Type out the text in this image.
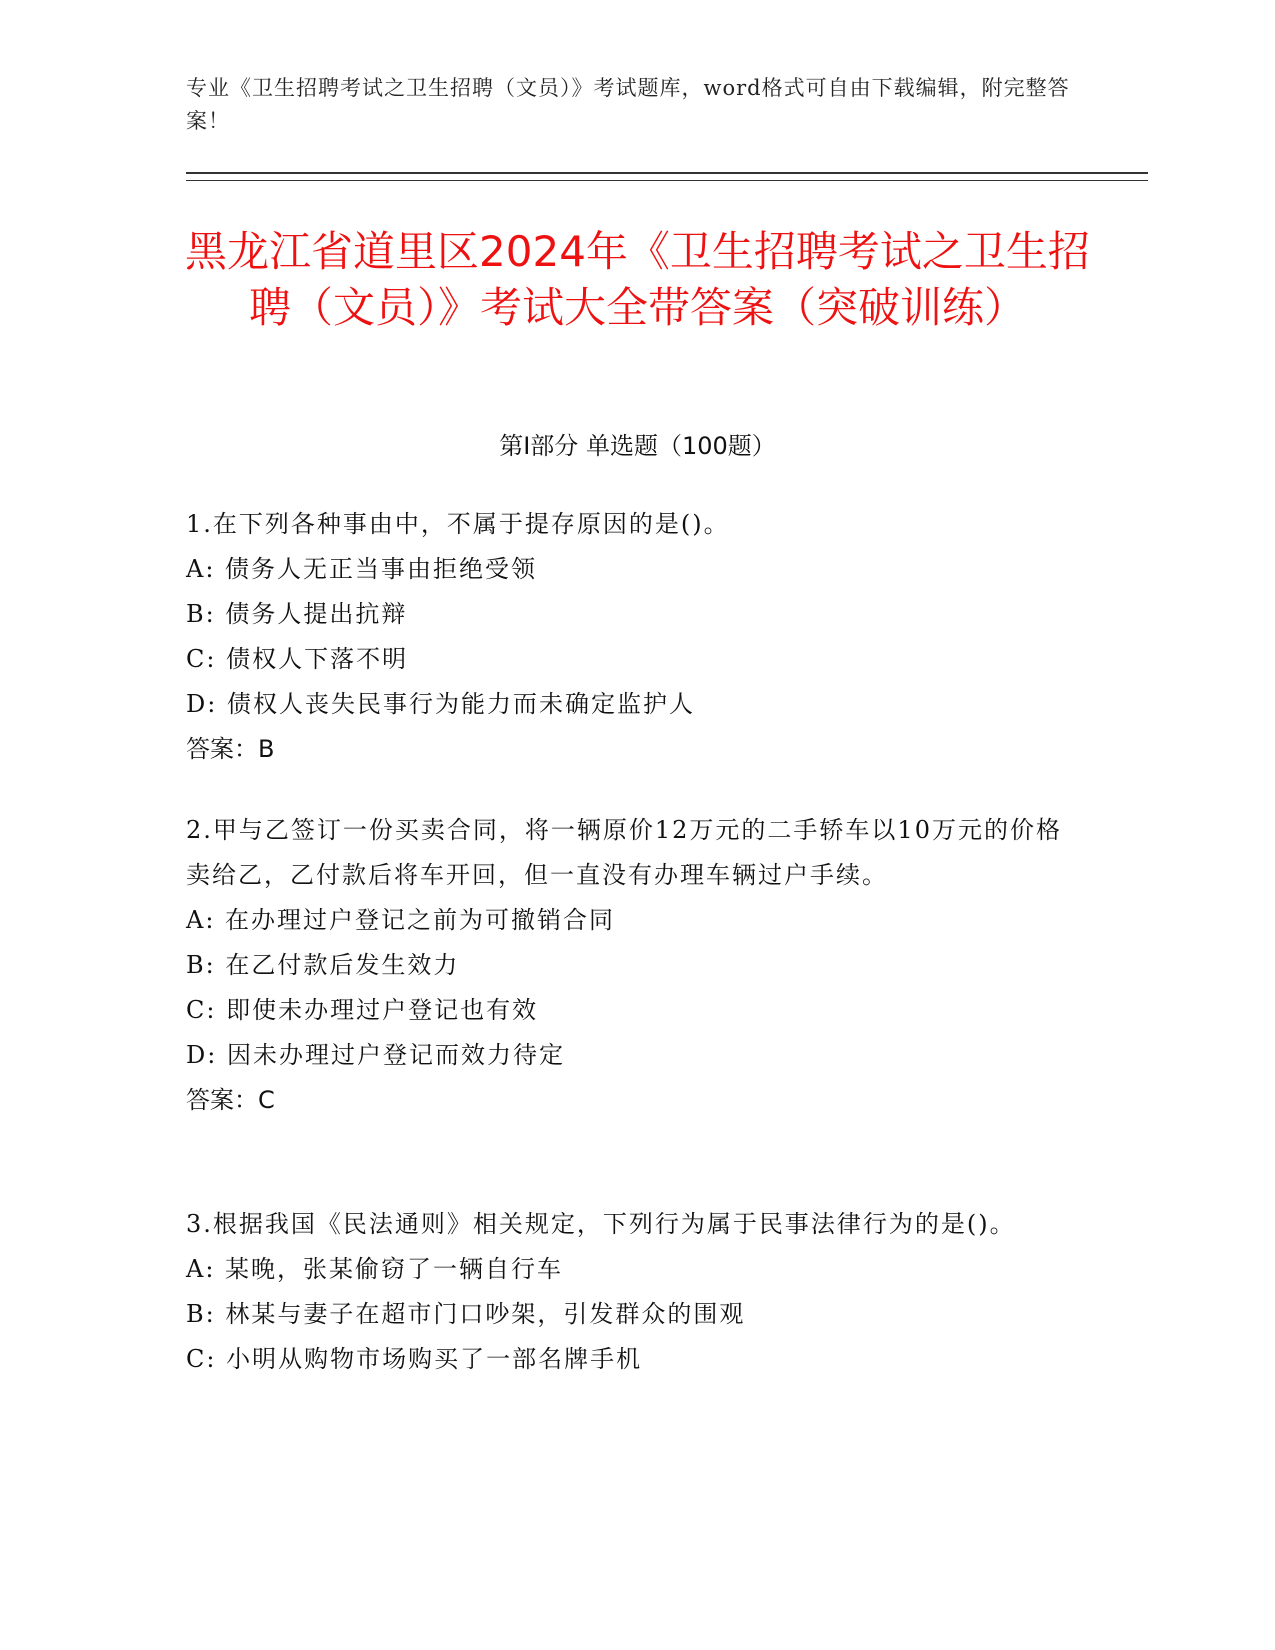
专业《卫生招聘考试之卫生招聘（文员）》考试题库，word格式可自由下载编辑，附完整答案！
黑龙江省道里区2024年《卫生招聘考试之卫生招聘（文员）》考试大全带答案（突破训练）
第I部分 单选题（100题）
1.在下列各种事由中，不属于提存原因的是()。
A: 债务人无正当事由拒绝受领
B: 债务人提出抗辩
C: 债权人下落不明
D: 债权人丧失民事行为能力而未确定监护人
答案：B
2.甲与乙签订一份买卖合同，将一辆原价12万元的二手轿车以10万元的价格卖给乙，乙付款后将车开回，但一直没有办理车辆过户手续。
A: 在办理过户登记之前为可撤销合同
B: 在乙付款后发生效力
C: 即使未办理过户登记也有效
D: 因未办理过户登记而效力待定
答案：C
3.根据我国《民法通则》相关规定，下列行为属于民事法律行为的是()。
A: 某晚，张某偷窃了一辆自行车
B: 林某与妻子在超市门口吵架，引发群众的围观
C: 小明从购物市场购买了一部名牌手机
